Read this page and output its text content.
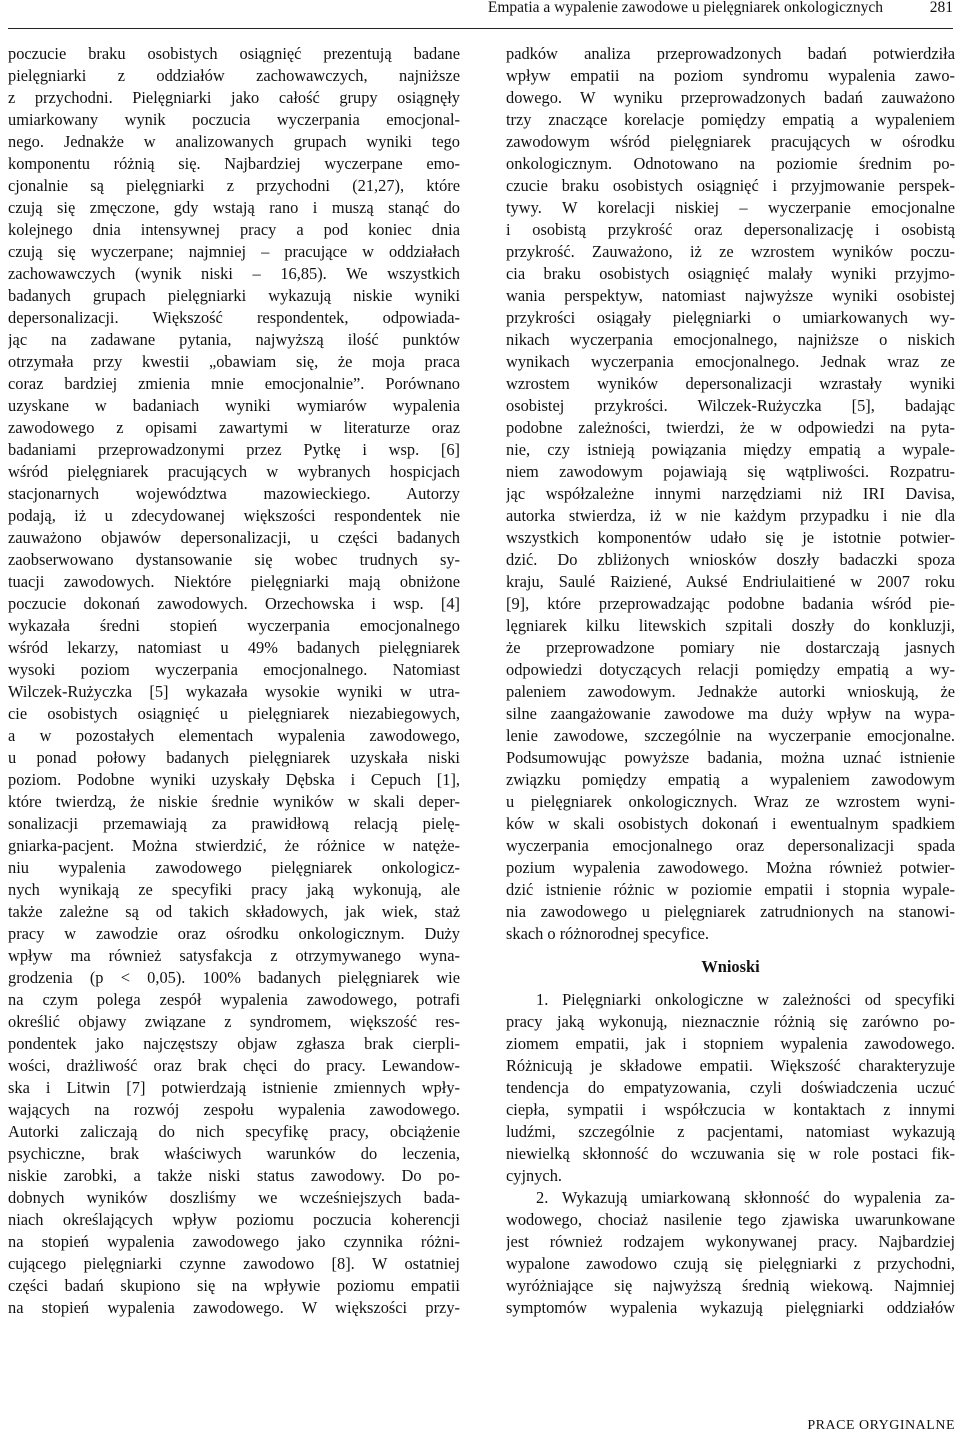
Empatia a wypalenie zawodowe u pielęgniarek onkologicznych	281
poczucie braku osobistych osiągnięć prezentują badane
pielęgniarki z oddziałów zachowawczych, najniższe
z przychodni. Pielęgniarki jako całość grupy osiągnęły
umiarkowany wynik poczucia wyczerpania emocjonal-
nego. Jednakże w analizowanych grupach wyniki tego
komponentu różnią się. Najbardziej wyczerpane emo-
cjonalnie są pielęgniarki z przychodni (21,27), które
czują się zmęczone, gdy wstają rano i muszą stanąć do
kolejnego dnia intensywnej pracy a pod koniec dnia
czują się wyczerpane; najmniej – pracujące w oddziałach
zachowawczych (wynik niski – 16,85). We wszystkich
badanych grupach pielęgniarki wykazują niskie wyniki
depersonalizacji. Większość respondentek, odpowiada-
jąc na zadawane pytania, najwyższą ilość punktów
otrzymała przy kwestii „obawiam się, że moja praca
coraz bardziej zmienia mnie emocjonalnie”. Porównano
uzyskane w badaniach wyniki wymiarów wypalenia
zawodowego z opisami zawartymi w literaturze oraz
badaniami przeprowadzonymi przez Pytkę i wsp. [6]
wśród pielęgniarek pracujących w wybranych hospicjach
stacjonarnych województwa mazowieckiego. Autorzy
podają, iż u zdecydowanej większości respondentek nie
zauważono objawów depersonalizacji, u części badanych
zaobserwowano dystansowanie się wobec trudnych sy-
tuacji zawodowych. Niektóre pielęgniarki mają obniżone
poczucie dokonań zawodowych. Orzechowska i wsp. [4]
wykazała średni stopień wyczerpania emocjonalnego
wśród lekarzy, natomiast u 49% badanych pielęgniarek
wysoki poziom wyczerpania emocjonalnego. Natomiast
Wilczek-Rużyczka [5] wykazała wysokie wyniki w utra-
cie osobistych osiągnięć u pielęgniarek niezabiegowych,
a w pozostałych elementach wypalenia zawodowego,
u ponad połowy badanych pielęgniarek uzyskała niski
poziom. Podobne wyniki uzyskały Dębska i Cepuch [1],
które twierdzą, że niskie średnie wyników w skali deper-
sonalizacji przemawiają za prawidłową relacją pielę-
gniarka-pacjent. Można stwierdzić, że różnice w natęże-
niu wypalenia zawodowego pielęgniarek onkologicz-
nych wynikają ze specyfiki pracy jaką wykonują, ale
także zależne są od takich składowych, jak wiek, staż
pracy w zawodzie oraz ośrodku onkologicznym. Duży
wpływ ma również satysfakcja z otrzymywanego wyna-
grodzenia (p < 0,05). 100% badanych pielęgniarek wie
na czym polega zespół wypalenia zawodowego, potrafi
określić objawy związane z syndromem, większość res-
pondentek jako najczęstszy objaw zgłasza brak cierpli-
wości, drażliwość oraz brak chęci do pracy. Lewandow-
ska i Litwin [7] potwierdzają istnienie zmiennych wpły-
wających na rozwój zespołu wypalenia zawodowego.
Autorki zaliczają do nich specyfikę pracy, obciążenie
psychiczne, brak właściwych warunków do leczenia,
niskie zarobki, a także niski status zawodowy. Do po-
dobnych wyników doszliśmy we wcześniejszych bada-
niach określających wpływ poziomu poczucia koherencji
na stopień wypalenia zawodowego jako czynnika różni-
cującego pielęgniarki czynne zawodowo [8]. W ostatniej
części badań skupiono się na wpływie poziomu empatii
na stopień wypalenia zawodowego. W większości przy-
padków analiza przeprowadzonych badań potwierdziła
wpływ empatii na poziom syndromu wypalenia zawo-
dowego. W wyniku przeprowadzonych badań zauważono
trzy znaczące korelacje pomiędzy empatią a wypaleniem
zawodowym wśród pielęgniarek pracujących w ośrodku
onkologicznym. Odnotowano na poziomie średnim po-
czucie braku osobistych osiągnięć i przyjmowanie perspek-
tywy. W korelacji niskiej – wyczerpanie emocjonalne
i osobistą przykrość oraz depersonalizację i osobistą
przykrość. Zauważono, iż ze wzrostem wyników poczu-
cia braku osobistych osiągnięć malały wyniki przyjmo-
wania perspektyw, natomiast najwyższe wyniki osobistej
przykrości osiągały pielęgniarki o umiarkowanych wy-
nikach wyczerpania emocjonalnego, najniższe o niskich
wynikach wyczerpania emocjonalnego. Jednak wraz ze
wzrostem wyników depersonalizacji wzrastały wyniki
osobistej przykrości. Wilczek-Rużyczka [5], badając
podobne zależności, twierdzi, że w odpowiedzi na pyta-
nie, czy istnieją powiązania między empatią a wypale-
niem zawodowym pojawiają się wątpliwości. Rozpatru-
jąc współzależne innymi narzędziami niż IRI Davisa,
autorka stwierdza, iż w nie każdym przypadku i nie dla
wszystkich komponentów udało się je istotnie potwier-
dzić. Do zbliżonych wniosków doszły badaczki spoza
kraju, Saulé Raiziené, Auksé Endriulaitiené w 2007 roku
[9], które przeprowadzając podobne badania wśród pie-
lęgniarek kilku litewskich szpitali doszły do konkluzji,
że przeprowadzone pomiary nie dostarczają jasnych
odpowiedzi dotyczących relacji pomiędzy empatią a wy-
paleniem zawodowym. Jednakże autorki wnioskują, że
silne zaangażowanie zawodowe ma duży wpływ na wypa-
lenie zawodowe, szczególnie na wyczerpanie emocjonalne.
Podsumowując powyższe badania, można uznać istnienie
związku pomiędzy empatią a wypaleniem zawodowym
u pielęgniarek onkologicznych. Wraz ze wzrostem wyni-
ków w skali osobistych dokonań i ewentualnym spadkiem
wyczerpania emocjonalnego oraz depersonalizacji spada
pozium wypalenia zawodowego. Można również potwier-
dzić istnienie różnic w poziomie empatii i stopnia wypale-
nia zawodowego u pielęgniarek zatrudnionych na stanowi-
skach o różnorodnej specyfice.
Wnioski
1. Pielęgniarki onkologiczne w zależności od specyfiki
pracy jaką wykonują, nieznacznie różnią się zarówno po-
ziomem empatii, jak i stopniem wypalenia zawodowego.
Różnicują je składowe empatii. Większość charakteryzuje
tendencja do empatyzowania, czyli doświadczenia uczuć
ciepła, sympatii i współczucia w kontaktach z innymi
ludźmi, szczególnie z pacjentami, natomiast wykazują
niewielką skłonność do wczuwania się w role postaci fik-
cyjnych.
2. Wykazują umiarkowaną skłonność do wypalenia za-
wodowego, chociaż nasilenie tego zjawiska uwarunkowane
jest również rodzajem wykonywanej pracy. Najbardziej
wypalone zawodowo czują się pielęgniarki z przychodni,
wyróżniające się najwyższą średnią wiekową. Najmniej
symptomów wypalenia wykazują pielęgniarki oddziałów
PRACE ORYGINALNE
